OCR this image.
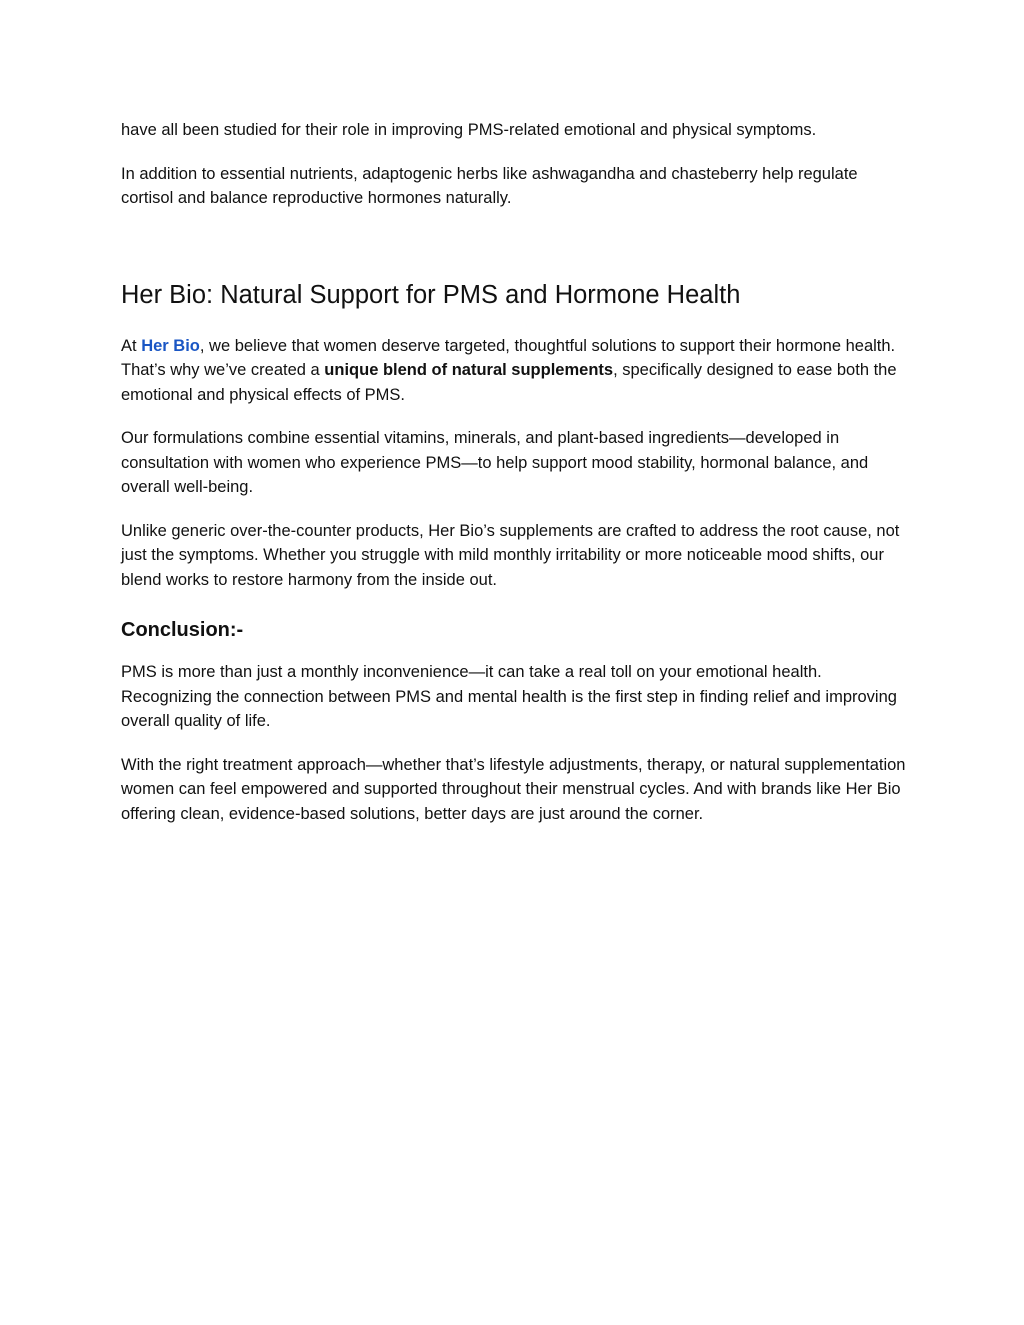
have all been studied for their role in improving PMS-related emotional and physical symptoms.

In addition to essential nutrients, adaptogenic herbs like ashwagandha and chasteberry help regulate cortisol and balance reproductive hormones naturally.

Her Bio: Natural Support for PMS and Hormone Health

At Her Bio, we believe that women deserve targeted, thoughtful solutions to support their hormone health. That’s why we’ve created a unique blend of natural supplements, specifically designed to ease both the emotional and physical effects of PMS.

Our formulations combine essential vitamins, minerals, and plant-based ingredients—developed in consultation with women who experience PMS—to help support mood stability, hormonal balance, and overall well-being.

Unlike generic over-the-counter products, Her Bio’s supplements are crafted to address the root cause, not just the symptoms. Whether you struggle with mild monthly irritability or more noticeable mood shifts, our blend works to restore harmony from the inside out.

Conclusion:-

PMS is more than just a monthly inconvenience—it can take a real toll on your emotional health. Recognizing the connection between PMS and mental health is the first step in finding relief and improving overall quality of life.

With the right treatment approach—whether that’s lifestyle adjustments, therapy, or natural supplementation women can feel empowered and supported throughout their menstrual cycles. And with brands like Her Bio offering clean, evidence-based solutions, better days are just around the corner.
